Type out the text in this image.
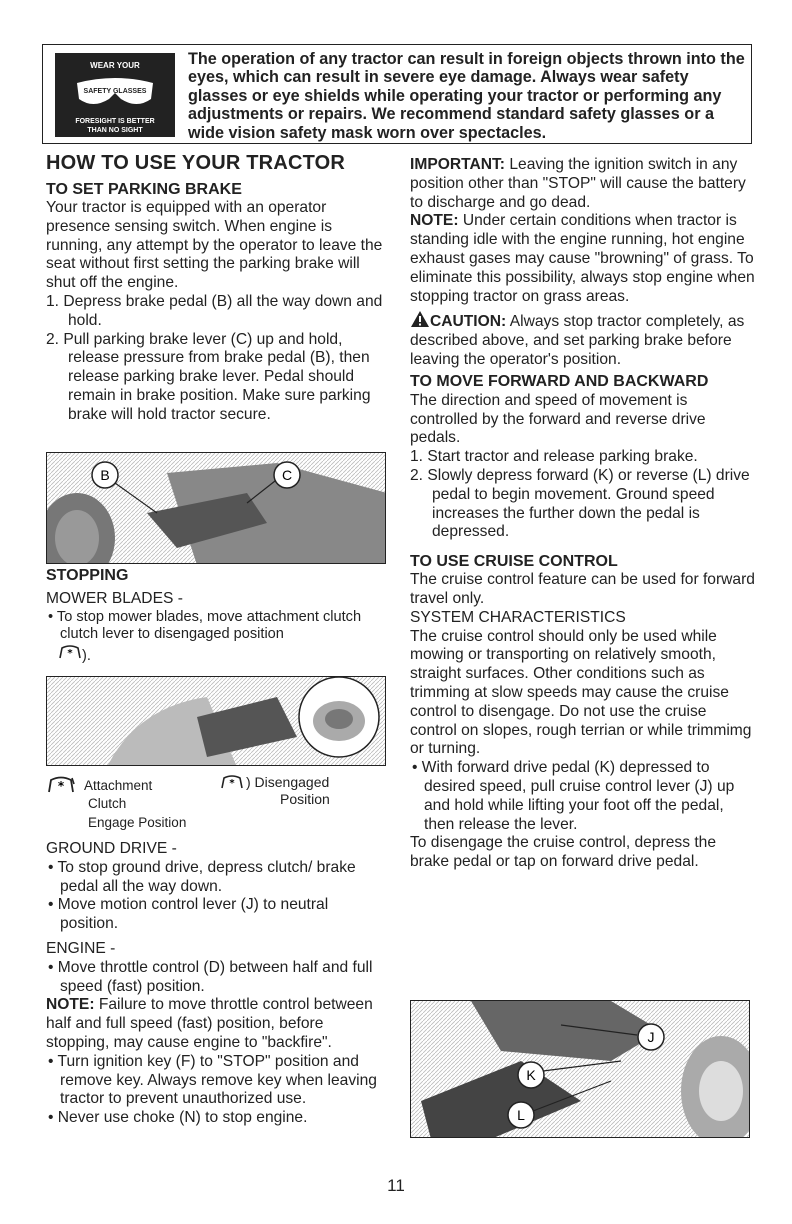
WEAR YOUR
SAFETY GLASSES
FORESIGHT IS BETTER
THAN NO SIGHT
The operation of any tractor can result in foreign objects thrown into the eyes, which can result in severe eye damage. Always wear safety glasses or eye shields while operating your tractor or performing any adjustments or repairs. We recommend standard safety glasses or a wide vision safety mask worn over spectacles.
HOW TO USE YOUR TRACTOR
TO SET PARKING BRAKE

Your tractor is equipped with an operator presence sensing switch. When engine is running, any attempt by the operator to leave the seat without first setting the parking brake will shut off the engine.

1. Depress brake pedal (B) all the way down and hold.
2. Pull parking brake lever (C) up and hold, release pressure from brake pedal (B), then release parking brake lever. Pedal should remain in brake position. Make sure parking brake will hold tractor secure.
B	C
STOPPING
MOWER BLADES -
• To stop mower blades, move attachment clutch clutch lever to disengaged position

* ).
* Attachment
Clutch
Engage Position
* ) Disengaged
Position
GROUND DRIVE -
• To stop ground drive, depress clutch/ brake pedal all the way down.
• Move motion control lever (J) to neutral position.
ENGINE -
• Move throttle control (D) between half and full speed (fast) position.

NOTE: Failure to move throttle control between half and full speed (fast) position, before stopping, may cause engine to "backfire".

• Turn ignition key (F) to "STOP" position and remove key. Always remove key when leaving tractor to prevent unauthorized use.
• Never use choke (N) to stop engine.

IMPORTANT: Leaving the ignition switch in any position other than "STOP" will cause the battery to discharge and go dead.

NOTE: Under certain conditions when tractor is standing idle with the engine running, hot engine exhaust gases may cause "browning" of grass. To eliminate this possibility, always stop engine when stopping tractor on grass areas.

CAUTION: Always stop tractor completely, as described above, and set parking brake before leaving the operator's position.

TO MOVE FORWARD AND BACKWARD

The direction and speed of movement is controlled by the forward and reverse drive pedals.

1. Start tractor and release parking brake.
2. Slowly depress forward (K) or reverse (L) drive pedal to begin movement. Ground speed increases the further down the pedal is depressed.
TO USE CRUISE CONTROL

The cruise control feature can be used for forward travel only.

SYSTEM CHARACTERISTICS

The cruise control should only be used while mowing or transporting on relatively smooth, straight surfaces. Other conditions such as trimming at slow speeds may cause the cruise control to disengage. Do not use the cruise control on slopes, rough terrian or while trimmimg or turning.

• With forward drive pedal (K) depressed to desired speed, pull cruise control lever (J) up and hold while lifting your foot off the pedal, then release the lever.

To disengage the cruise control, depress the brake pedal or tap on forward drive pedal.

J
K
L
11
